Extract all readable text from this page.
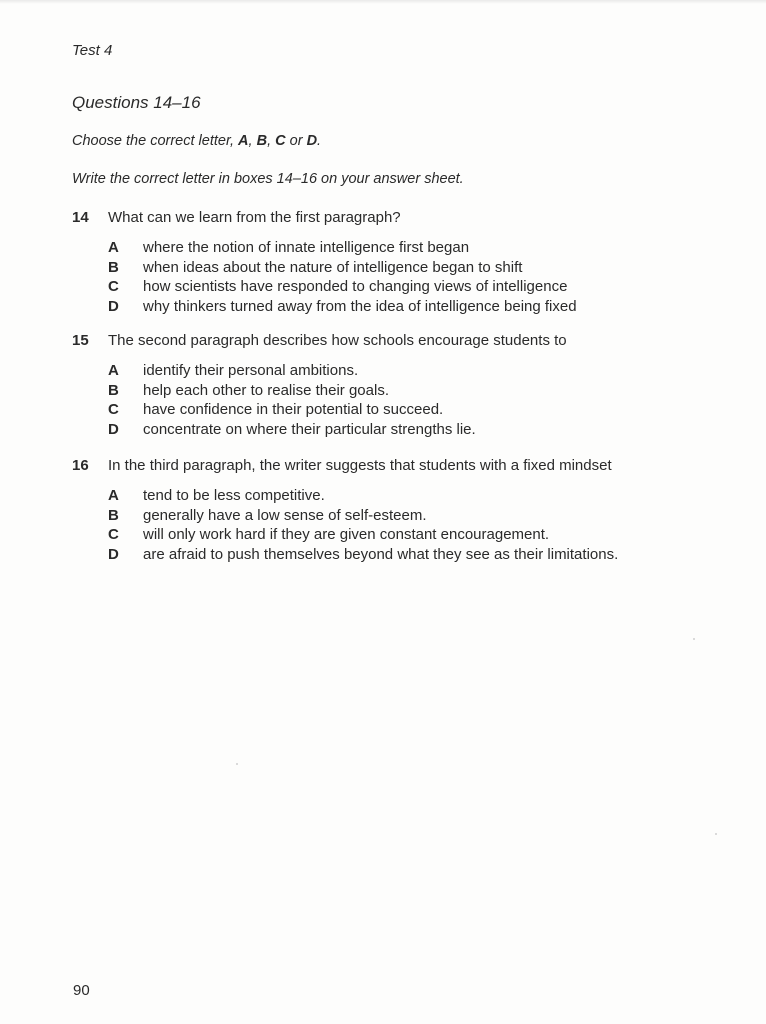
Test 4
Questions 14–16
Choose the correct letter, A, B, C or D.
Write the correct letter in boxes 14–16 on your answer sheet.
14	What can we learn from the first paragraph?
A	where the notion of innate intelligence first began
B	when ideas about the nature of intelligence began to shift
C	how scientists have responded to changing views of intelligence
D	why thinkers turned away from the idea of intelligence being fixed
15	The second paragraph describes how schools encourage students to
A	identify their personal ambitions.
B	help each other to realise their goals.
C	have confidence in their potential to succeed.
D	concentrate on where their particular strengths lie.
16	In the third paragraph, the writer suggests that students with a fixed mindset
A	tend to be less competitive.
B	generally have a low sense of self-esteem.
C	will only work hard if they are given constant encouragement.
D	are afraid to push themselves beyond what they see as their limitations.
90
